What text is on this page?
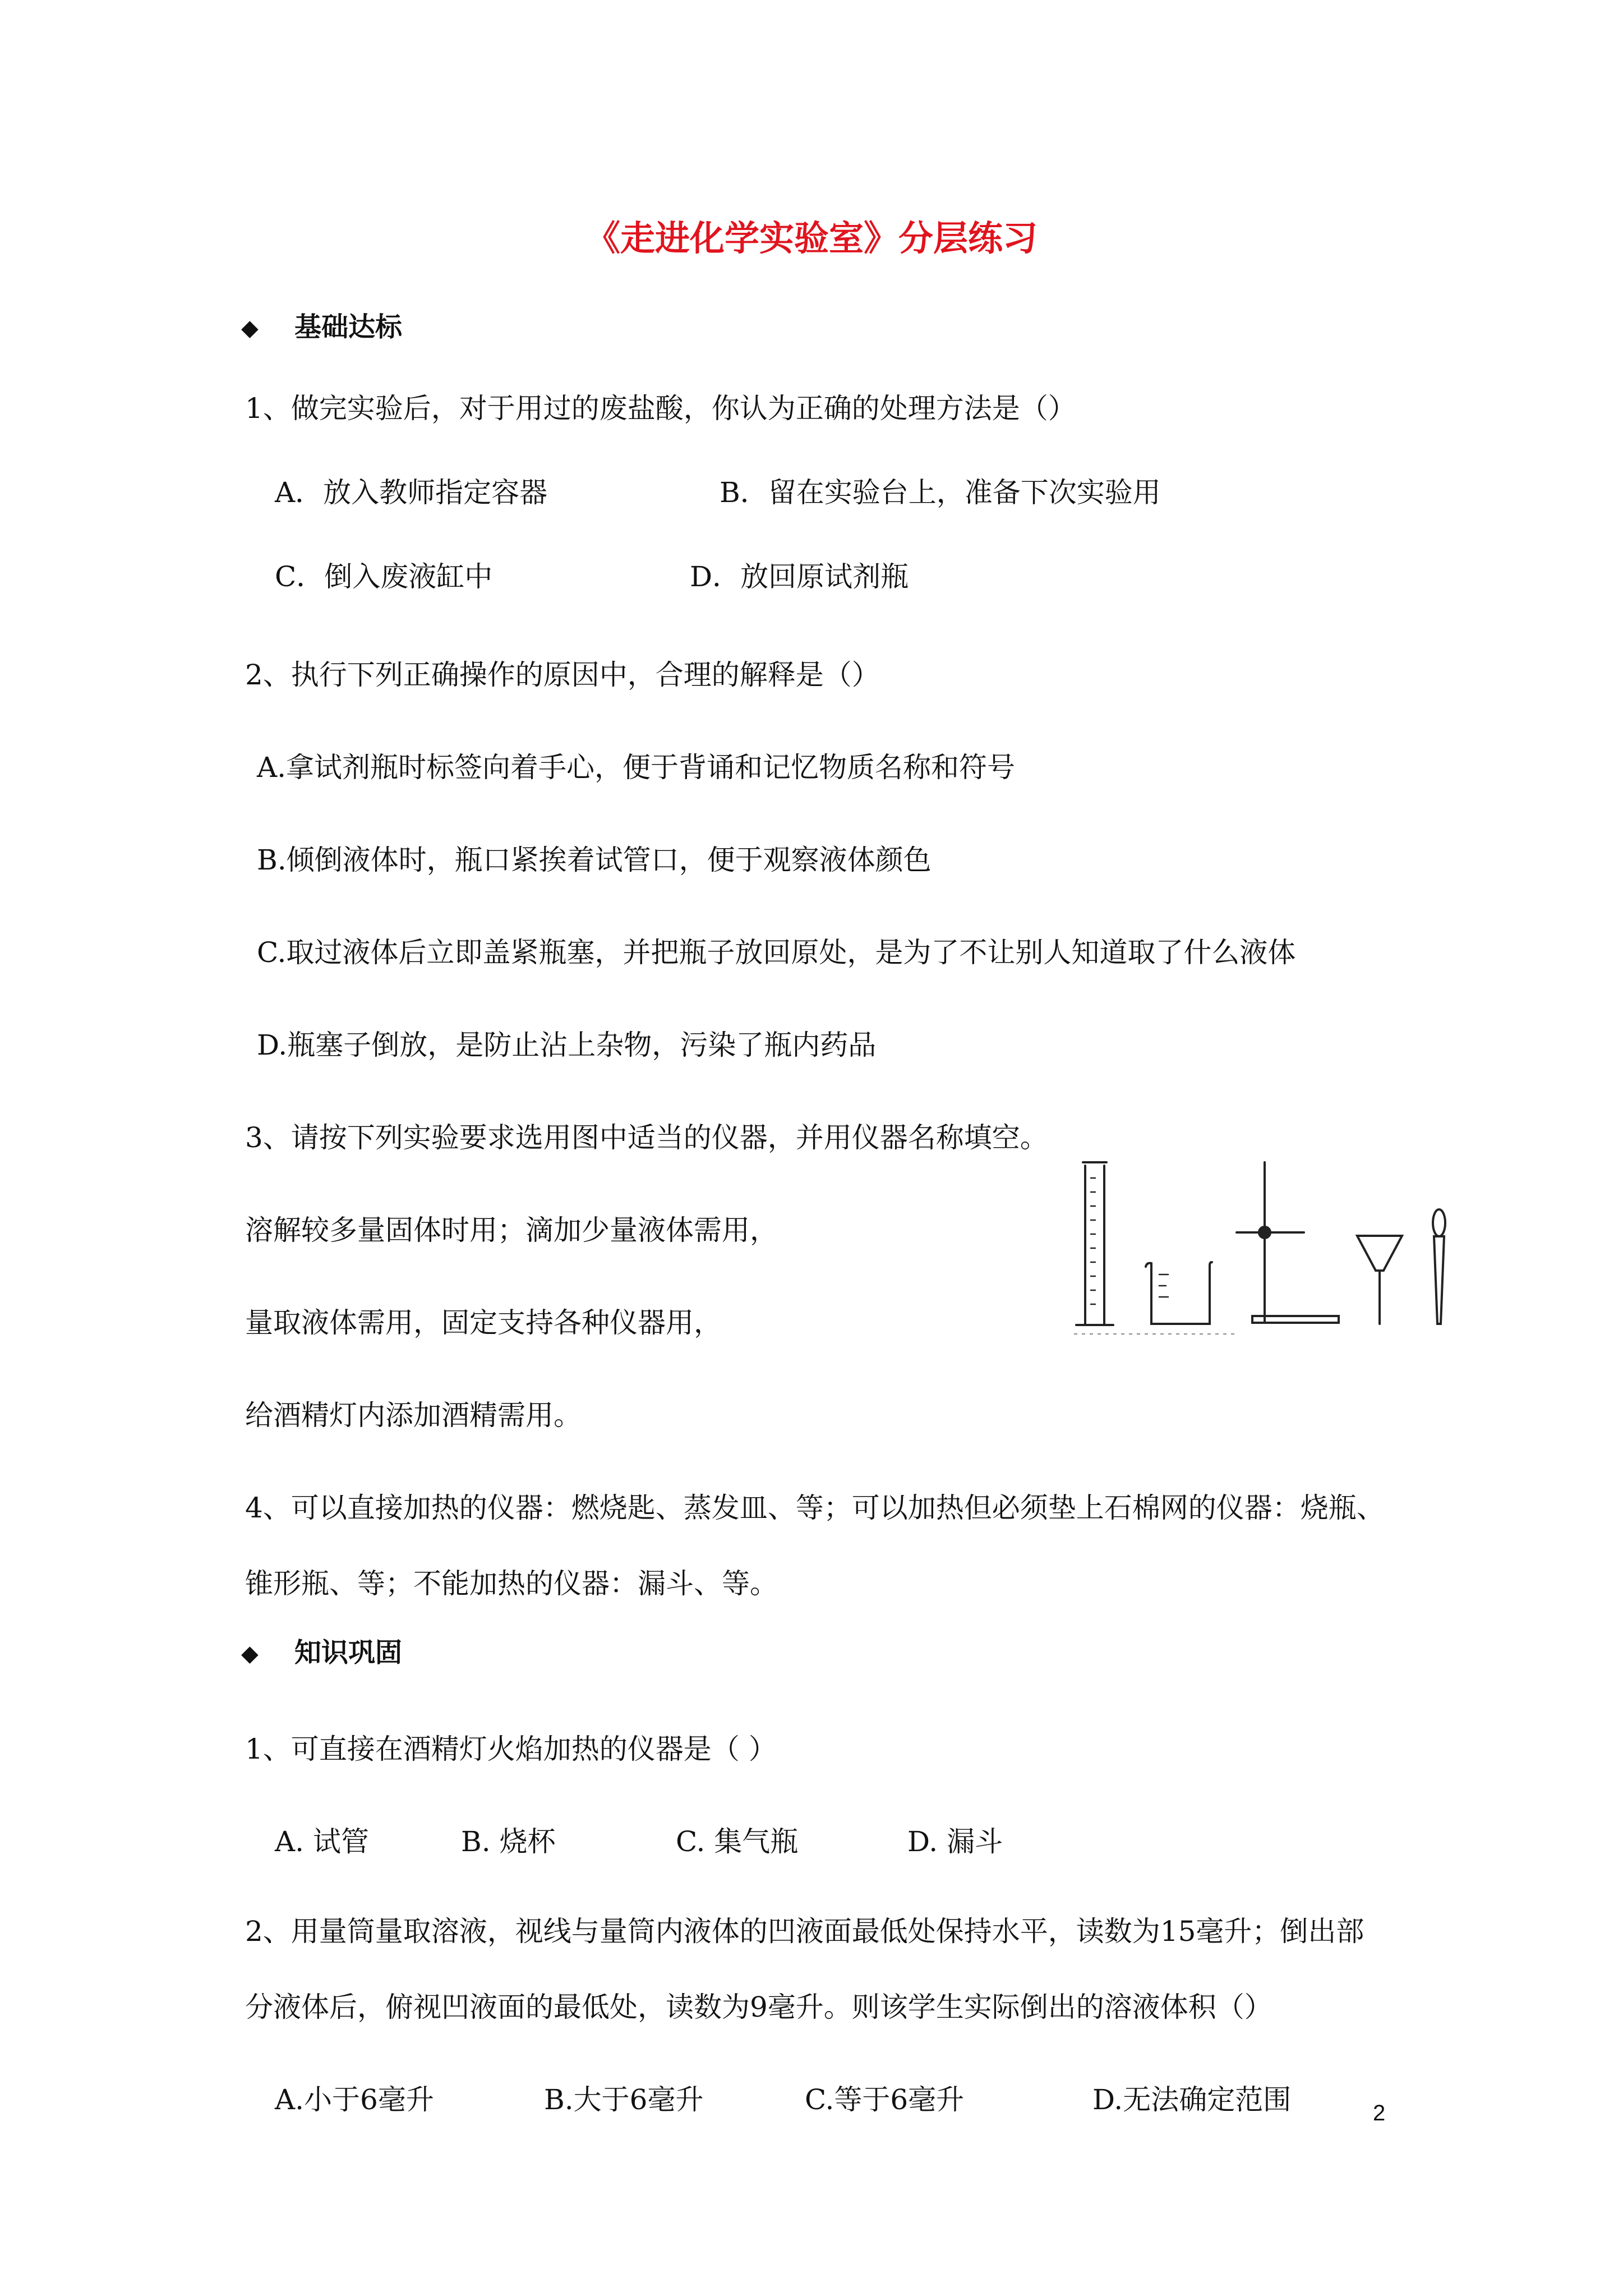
《走进化学实验室》分层练习
◆ 基础达标

1、做完实验后，对于用过的废盐酸，你认为正确的处理方法是（）

A．放入教师指定容器	B．留在实验台上，准备下次实验用

C．倒入废液缸中	D．放回原试剂瓶

2、执行下列正确操作的原因中，合理的解释是（）

A.拿试剂瓶时标签向着手心，便于背诵和记忆物质名称和符号

B.倾倒液体时，瓶口紧挨着试管口，便于观察液体颜色

C.取过液体后立即盖紧瓶塞，并把瓶子放回原处，是为了不让别人知道取了什么液体

D.瓶塞子倒放，是防止沾上杂物，污染了瓶内药品

3、请按下列实验要求选用图中适当的仪器，并用仪器名称填空。

溶解较多量固体时用；滴加少量液体需用，

量取液体需用，固定支持各种仪器用，

给酒精灯内添加酒精需用。

4、可以直接加热的仪器：燃烧匙、蒸发皿、等；可以加热但必须垫上石棉网的仪器：烧瓶、

锥形瓶、等；不能加热的仪器：漏斗、等。

◆ 知识巩固

1、可直接在酒精灯火焰加热的仪器是（ ）

A. 试管	B. 烧杯	C. 集气瓶	D. 漏斗

2、用量筒量取溶液，视线与量筒内液体的凹液面最低处保持水平，读数为15毫升；倒出部

分液体后，俯视凹液面的最低处，读数为9毫升。则该学生实际倒出的溶液体积（）

A.小于6毫升	B.大于6毫升	C.等于6毫升	D.无法确定范围	2
